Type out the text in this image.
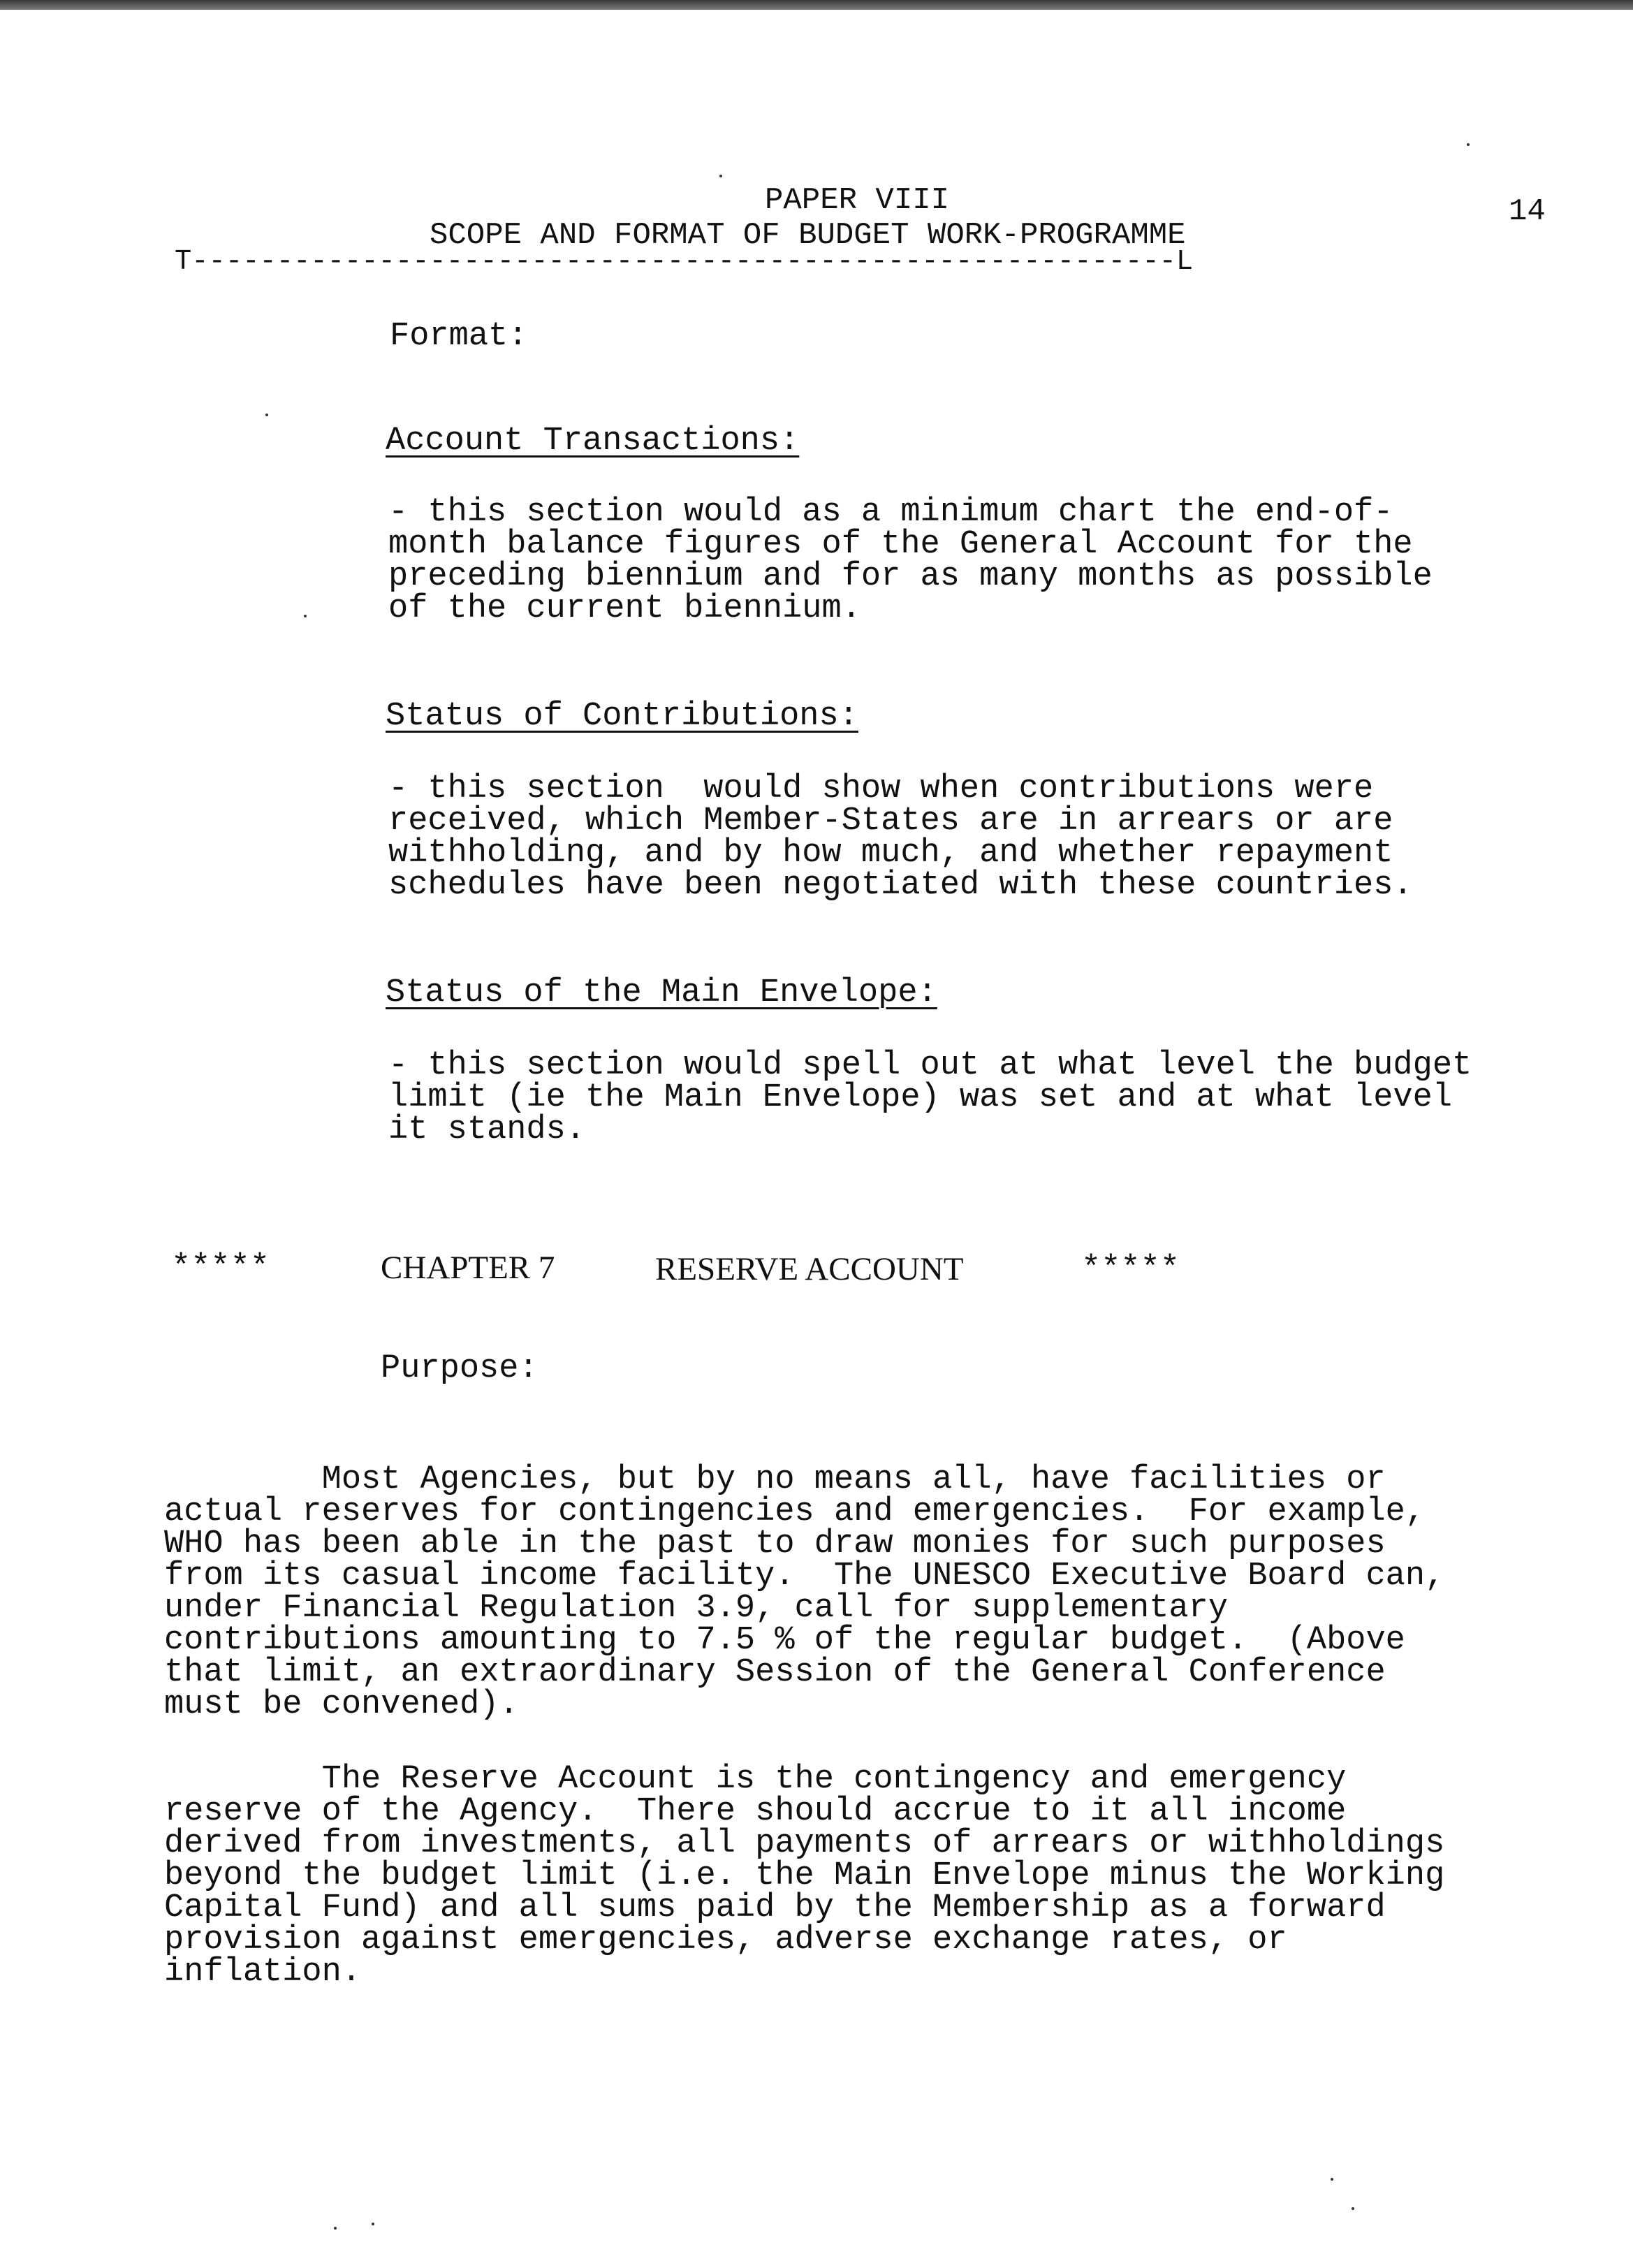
PAPER VIII	14
SCOPE AND FORMAT OF BUDGET WORK-PROGRAMME
T----------------------------------------------------------L
Format:
Account Transactions:
- this section would as a minimum chart the end-of-
month balance figures of the General Account for the
preceding biennium and for as many months as possible
of the current biennium.
Status of Contributions:
- this section  would show when contributions were
received, which Member-States are in arrears or are
withholding, and by how much, and whether repayment
schedules have been negotiated with these countries.
Status of the Main Envelope:
- this section would spell out at what level the budget
limit (ie the Main Envelope) was set and at what level
it stands.
*****	CHAPTER 7	RESERVE ACCOUNT	*****
Purpose:
Most Agencies, but by no means all, have facilities or
actual reserves for contingencies and emergencies.  For example,
WHO has been able in the past to draw monies for such purposes
from its casual income facility.  The UNESCO Executive Board can,
under Financial Regulation 3.9, call for supplementary
contributions amounting to 7.5 % of the regular budget.  (Above
that limit, an extraordinary Session of the General Conference
must be convened).
The Reserve Account is the contingency and emergency
reserve of the Agency.  There should accrue to it all income
derived from investments, all payments of arrears or withholdings
beyond the budget limit (i.e. the Main Envelope minus the Working
Capital Fund) and all sums paid by the Membership as a forward
provision against emergencies, adverse exchange rates, or
inflation.
